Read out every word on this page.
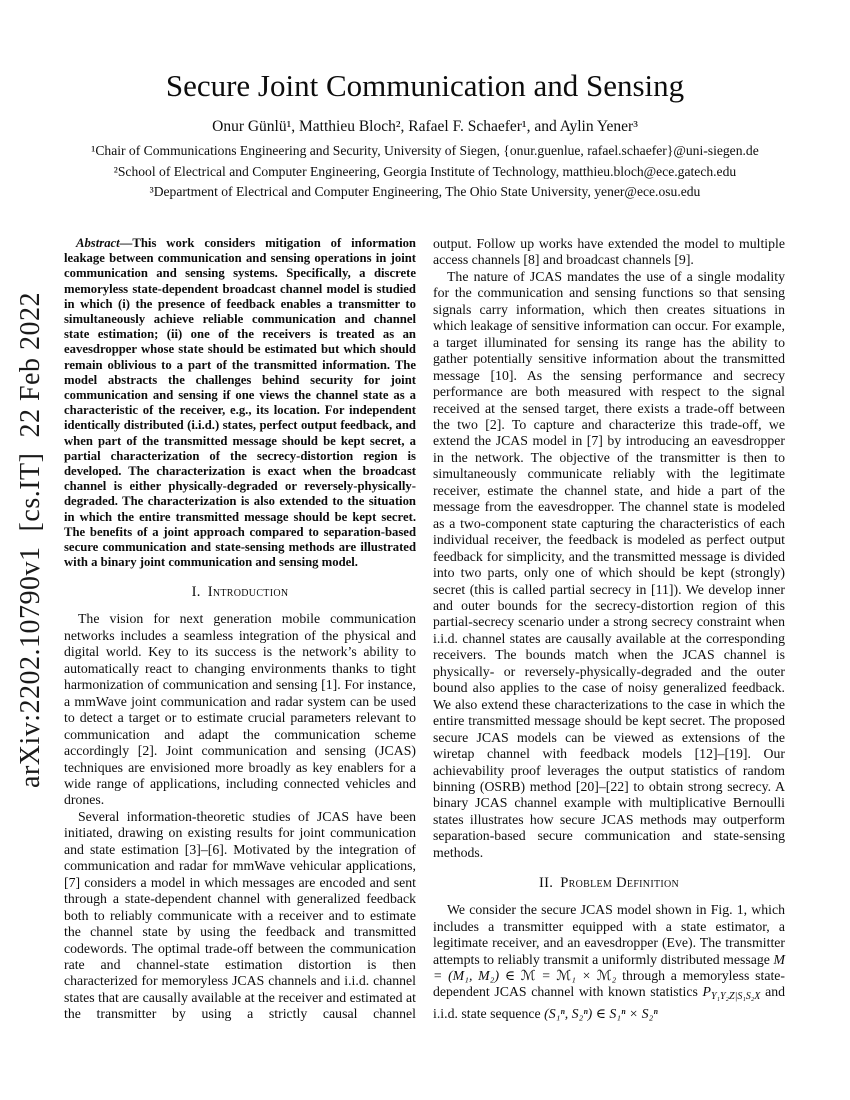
arXiv:2202.10790v1  [cs.IT]  22 Feb 2022
Secure Joint Communication and Sensing
Onur Günlü¹, Matthieu Bloch², Rafael F. Schaefer¹, and Aylin Yener³
¹Chair of Communications Engineering and Security, University of Siegen, {onur.guenlue, rafael.schaefer}@uni-siegen.de
²School of Electrical and Computer Engineering, Georgia Institute of Technology, matthieu.bloch@ece.gatech.edu
³Department of Electrical and Computer Engineering, The Ohio State University, yener@ece.osu.edu

Abstract—This work considers mitigation of information leakage between communication and sensing operations in joint communication and sensing systems. Specifically, a discrete memoryless state-dependent broadcast channel model is studied in which (i) the presence of feedback enables a transmitter to simultaneously achieve reliable communication and channel state estimation; (ii) one of the receivers is treated as an eavesdropper whose state should be estimated but which should remain oblivious to a part of the transmitted information. The model abstracts the challenges behind security for joint communication and sensing if one views the channel state as a characteristic of the receiver, e.g., its location. For independent identically distributed (i.i.d.) states, perfect output feedback, and when part of the transmitted message should be kept secret, a partial characterization of the secrecy-distortion region is developed. The characterization is exact when the broadcast channel is either physically-degraded or reversely-physically-degraded. The characterization is also extended to the situation in which the entire transmitted message should be kept secret. The benefits of a joint approach compared to separation-based secure communication and state-sensing methods are illustrated with a binary joint communication and sensing model.

I. Introduction

The vision for next generation mobile communication networks includes a seamless integration of the physical and digital world. Key to its success is the network’s ability to automatically react to changing environments thanks to tight harmonization of communication and sensing [1]. For instance, a mmWave joint communication and radar system can be used to detect a target or to estimate crucial parameters relevant to communication and adapt the communication scheme accordingly [2]. Joint communication and sensing (JCAS) techniques are envisioned more broadly as key enablers for a wide range of applications, including connected vehicles and drones.

Several information-theoretic studies of JCAS have been initiated, drawing on existing results for joint communication and state estimation [3]–[6]. Motivated by the integration of communication and radar for mmWave vehicular applications, [7] considers a model in which messages are encoded and sent through a state-dependent channel with generalized feedback both to reliably communicate with a receiver and to estimate the channel state by using the feedback and transmitted codewords. The optimal trade-off between the communication rate and channel-state estimation distortion is then characterized for memoryless JCAS channels and i.i.d. channel states that are causally available at the receiver and estimated at the transmitter by using a strictly causal channel

output. Follow up works have extended the model to multiple access channels [8] and broadcast channels [9].

The nature of JCAS mandates the use of a single modality for the communication and sensing functions so that sensing signals carry information, which then creates situations in which leakage of sensitive information can occur. For example, a target illuminated for sensing its range has the ability to gather potentially sensitive information about the transmitted message [10]. As the sensing performance and secrecy performance are both measured with respect to the signal received at the sensed target, there exists a trade-off between the two [2]. To capture and characterize this trade-off, we extend the JCAS model in [7] by introducing an eavesdropper in the network. The objective of the transmitter is then to simultaneously communicate reliably with the legitimate receiver, estimate the channel state, and hide a part of the message from the eavesdropper. The channel state is modeled as a two-component state capturing the characteristics of each individual receiver, the feedback is modeled as perfect output feedback for simplicity, and the transmitted message is divided into two parts, only one of which should be kept (strongly) secret (this is called partial secrecy in [11]). We develop inner and outer bounds for the secrecy-distortion region of this partial-secrecy scenario under a strong secrecy constraint when i.i.d. channel states are causally available at the corresponding receivers. The bounds match when the JCAS channel is physically- or reversely-physically-degraded and the outer bound also applies to the case of noisy generalized feedback. We also extend these characterizations to the case in which the entire transmitted message should be kept secret. The proposed secure JCAS models can be viewed as extensions of the wiretap channel with feedback models [12]–[19]. Our achievability proof leverages the output statistics of random binning (OSRB) method [20]–[22] to obtain strong secrecy. A binary JCAS channel example with multiplicative Bernoulli states illustrates how secure JCAS methods may outperform separation-based secure communication and state-sensing methods.

II. Problem Definition

We consider the secure JCAS model shown in Fig. 1, which includes a transmitter equipped with a state estimator, a legitimate receiver, and an eavesdropper (Eve). The transmitter attempts to reliably transmit a uniformly distributed message M = (M₁, M₂) ∈ ℳ = ℳ₁ × ℳ₂ through a memoryless state-dependent JCAS channel with known statistics $P_{Y_1Y_2Z|S_1S_2X}$ and i.i.d. state sequence (S₁ⁿ, S₂ⁿ) ∈ S₁ⁿ × S₂ⁿ
